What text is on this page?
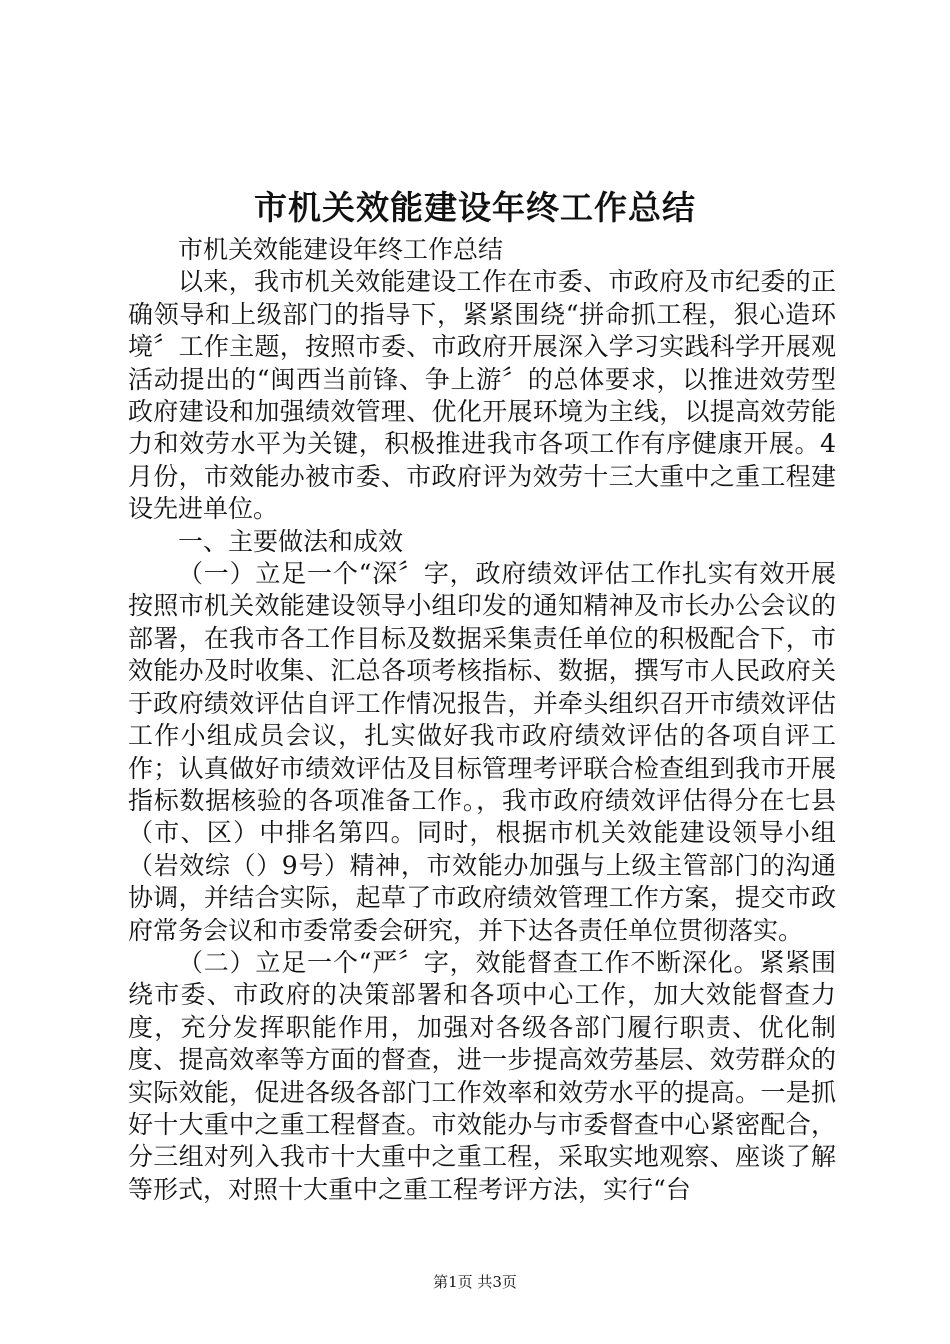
市机关效能建设年终工作总结

市机关效能建设年终工作总结

以来，我市机关效能建设工作在市委、市政府及市纪委的正确领导和上级部门的指导下，紧紧围绕“拼命抓工程，狠心造环境〞工作主题，按照市委、市政府开展深入学习实践科学开展观活动提出的“闽西当前锋、争上游〞的总体要求，以推进效劳型政府建设和加强绩效管理、优化开展环境为主线，以提高效劳能力和效劳水平为关键，积极推进我市各项工作有序健康开展。4月份，市效能办被市委、市政府评为效劳十三大重中之重工程建设先进单位。

一、主要做法和成效

（一）立足一个“深〞字，政府绩效评估工作扎实有效开展按照市机关效能建设领导小组印发的通知精神及市长办公会议的部署，在我市各工作目标及数据采集责任单位的积极配合下，市效能办及时收集、汇总各项考核指标、数据，撰写市人民政府关于政府绩效评估自评工作情况报告，并牵头组织召开市绩效评估工作小组成员会议，扎实做好我市政府绩效评估的各项自评工作；认真做好市绩效评估及目标管理考评联合检查组到我市开展指标数据核验的各项准备工作。，我市政府绩效评估得分在七县（市、区）中排名第四。同时，根据市机关效能建设领导小组（岩效综（）9号）精神，市效能办加强与上级主管部门的沟通协调，并结合实际，起草了市政府绩效管理工作方案，提交市政府常务会议和市委常委会研究，并下达各责任单位贯彻落实。

（二）立足一个“严〞字，效能督查工作不断深化。紧紧围绕市委、市政府的决策部署和各项中心工作，加大效能督查力度，充分发挥职能作用，加强对各级各部门履行职责、优化制度、提高效率等方面的督查，进一步提高效劳基层、效劳群众的实际效能，促进各级各部门工作效率和效劳水平的提高。一是抓好十大重中之重工程督查。市效能办与市委督查中心紧密配合，分三组对列入我市十大重中之重工程，采取实地观察、座谈了解等形式，对照十大重中之重工程考评方法，实行“台

第1页 共3页
